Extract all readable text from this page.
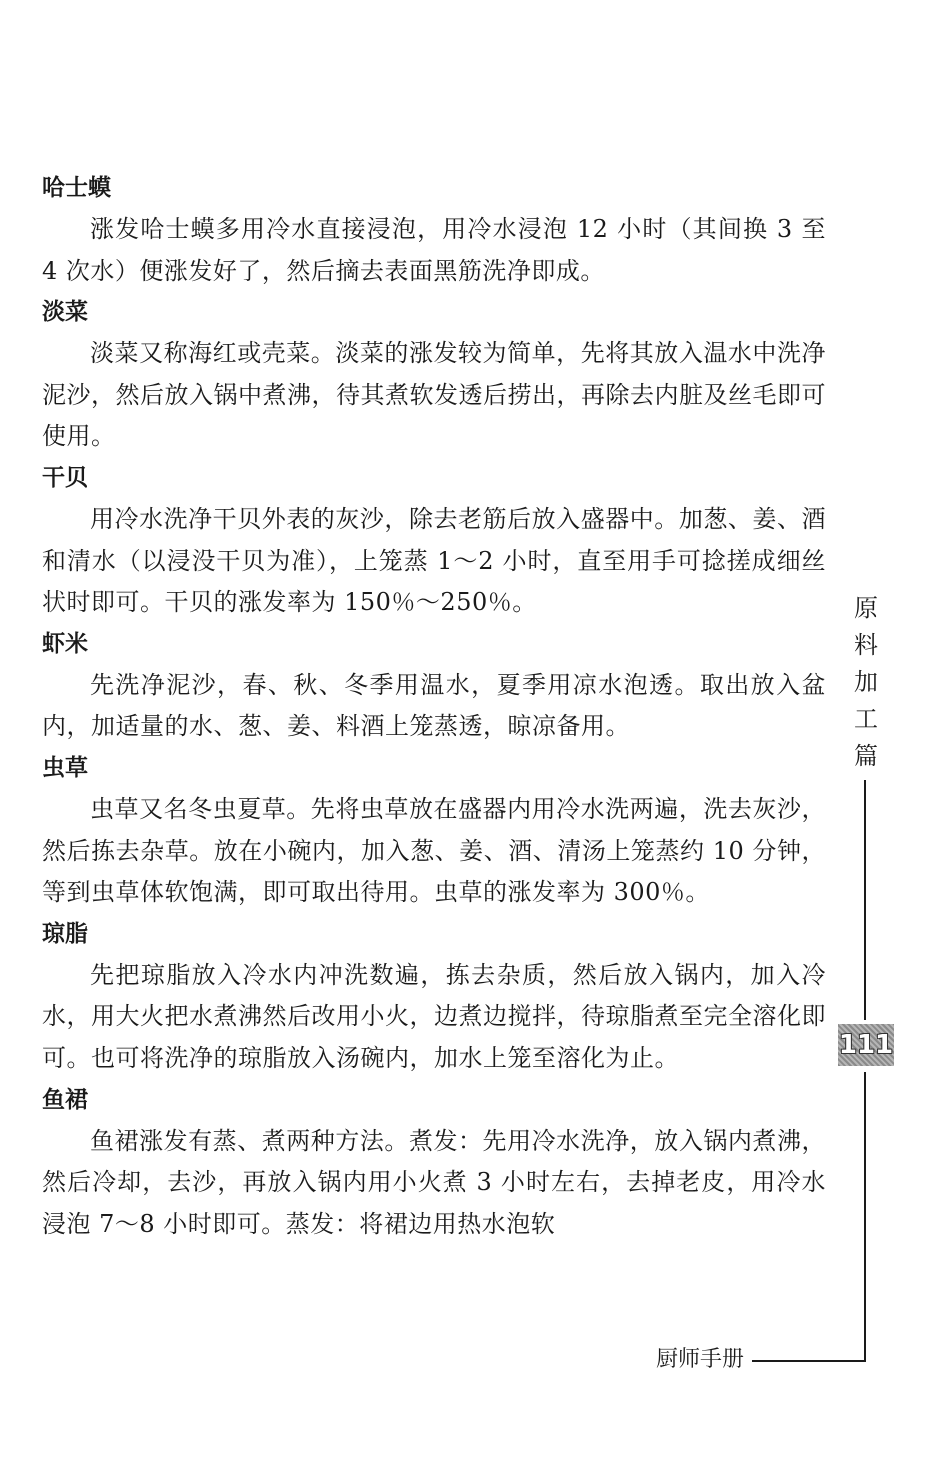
哈士蟆

涨发哈士蟆多用冷水直接浸泡，用冷水浸泡 12 小时（其间换 3 至 4 次水）便涨发好了，然后摘去表面黑筋洗净即成。

淡菜

淡菜又称海红或壳菜。淡菜的涨发较为简单，先将其放入温水中洗净泥沙，然后放入锅中煮沸，待其煮软发透后捞出，再除去内脏及丝毛即可使用。

干贝

用冷水洗净干贝外表的灰沙，除去老筋后放入盛器中。加葱、姜、酒和清水（以浸没干贝为准），上笼蒸 1～2 小时，直至用手可捻搓成细丝状时即可。干贝的涨发率为 150％～250％。

虾米

先洗净泥沙，春、秋、冬季用温水，夏季用凉水泡透。取出放入盆内，加适量的水、葱、姜、料酒上笼蒸透，晾凉备用。

虫草

虫草又名冬虫夏草。先将虫草放在盛器内用冷水洗两遍，洗去灰沙，然后拣去杂草。放在小碗内，加入葱、姜、酒、清汤上笼蒸约 10 分钟，等到虫草体软饱满，即可取出待用。虫草的涨发率为 300％。

琼脂

先把琼脂放入冷水内冲洗数遍，拣去杂质，然后放入锅内，加入冷水，用大火把水煮沸然后改用小火，边煮边搅拌，待琼脂煮至完全溶化即可。也可将洗净的琼脂放入汤碗内，加水上笼至溶化为止。

鱼裙

鱼裙涨发有蒸、煮两种方法。煮发：先用冷水洗净，放入锅内煮沸，然后冷却，去沙，再放入锅内用小火煮 3 小时左右，去掉老皮，用冷水浸泡 7～8 小时即可。蒸发：将裙边用热水泡软

原料加工篇
111
厨师手册
